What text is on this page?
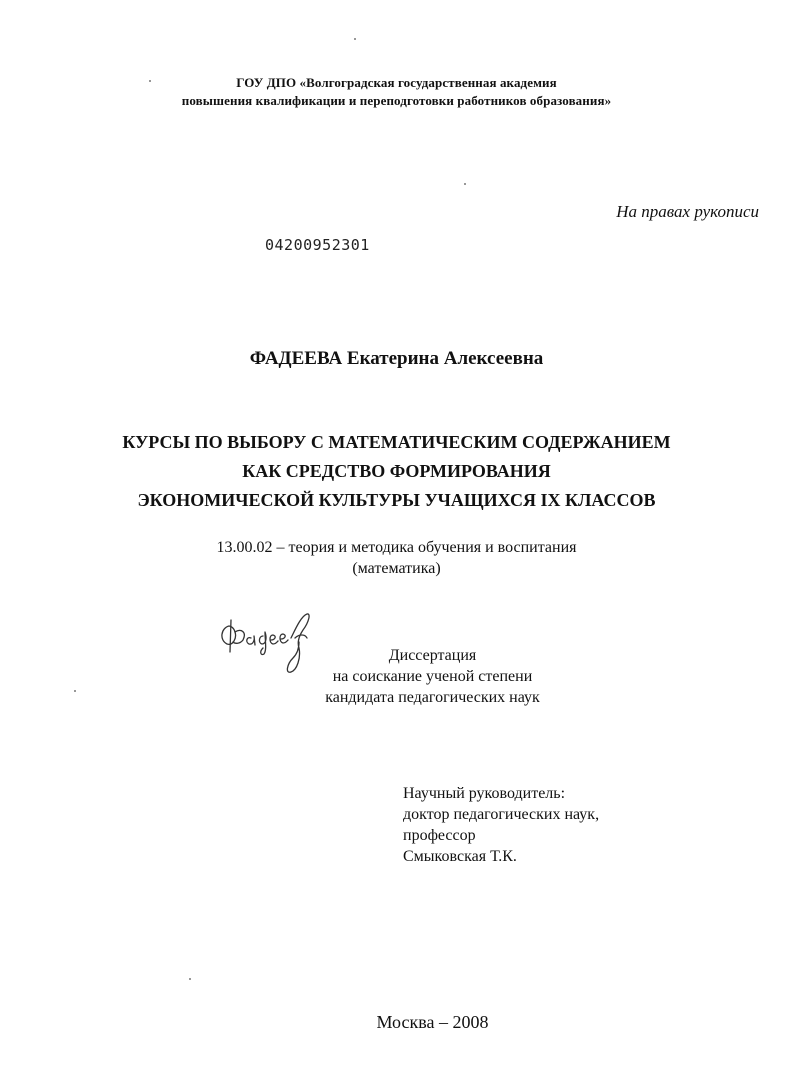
ГОУ ДПО «Волгоградская государственная академия
повышения квалификации и переподготовки работников образования»
На правах рукописи
04200952301
ФАДЕЕВА Екатерина Алексеевна
КУРСЫ ПО ВЫБОРУ С МАТЕМАТИЧЕСКИМ СОДЕРЖАНИЕМ
КАК СРЕДСТВО ФОРМИРОВАНИЯ
ЭКОНОМИЧЕСКОЙ КУЛЬТУРЫ УЧАЩИХСЯ IX КЛАССОВ
13.00.02 – теория и методика обучения и воспитания
(математика)
Диссертация
на соискание ученой степени
кандидата педагогических наук
Научный руководитель:
доктор педагогических наук,
профессор
Смыковская Т.К.
Москва – 2008
